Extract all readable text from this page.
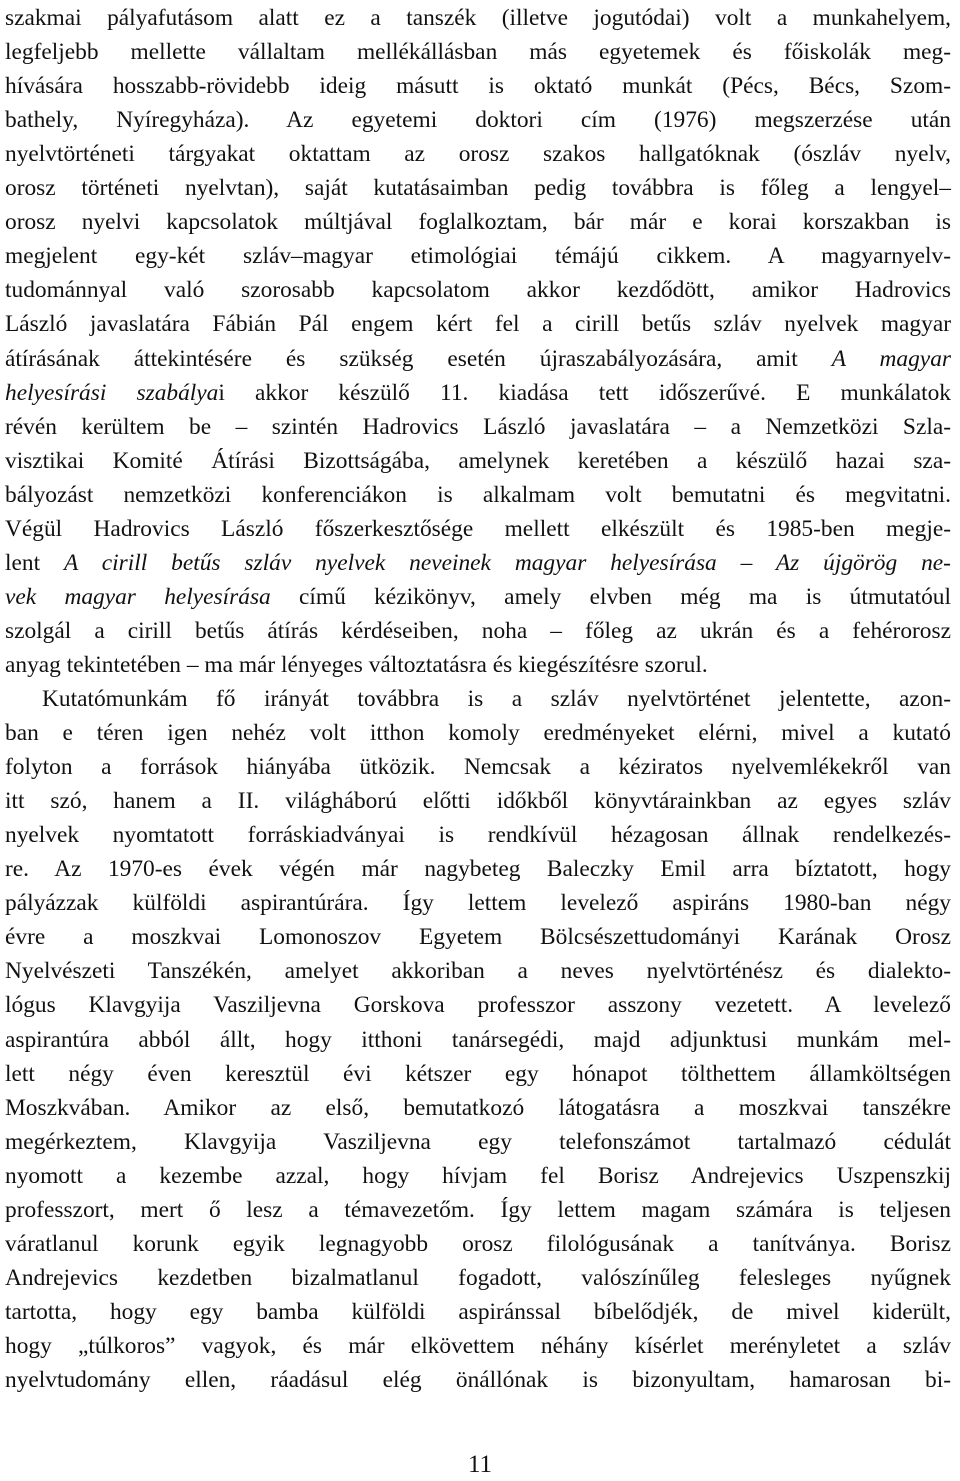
szakmai pályafutásom alatt ez a tanszék (illetve jogutódai) volt a munkahelyem,
legfeljebb mellette vállaltam mellékállásban más egyetemek és főiskolák meg-
hívására hosszabb-rövidebb ideig másutt is oktató munkát (Pécs, Bécs, Szom-
bathely, Nyíregyháza). Az egyetemi doktori cím (1976) megszerzése után
nyelvtörténeti tárgyakat oktattam az orosz szakos hallgatóknak (ószláv nyelv,
orosz történeti nyelvtan), saját kutatásaimban pedig továbbra is főleg a lengyel–
orosz nyelvi kapcsolatok múltjával foglalkoztam, bár már e korai korszakban is
megjelent egy-két szláv–magyar etimológiai témájú cikkem. A magyarnyelv-
tudománnyal való szorosabb kapcsolatom akkor kezdődött, amikor Hadrovics
László javaslatára Fábián Pál engem kért fel a cirill betűs szláv nyelvek magyar
átírásának áttekintésére és szükség esetén újraszabályozására, amit A magyar
helyesírási szabályai akkor készülő 11. kiadása tett időszerűvé. E munkálatok
révén kerültem be – szintén Hadrovics László javaslatára – a Nemzetközi Szla-
visztikai Komité Átírási Bizottságába, amelynek keretében a készülő hazai sza-
bályozást nemzetközi konferenciákon is alkalmam volt bemutatni és megvitatni.
Végül Hadrovics László főszerkesztősége mellett elkészült és 1985-ben megje-
lent A cirill betűs szláv nyelvek neveinek magyar helyesírása – Az újgörög ne-
vek magyar helyesírása című kézikönyv, amely elvben még ma is útmutatóul
szolgál a cirill betűs átírás kérdéseiben, noha – főleg az ukrán és a fehérorosz
anyag tekintetében – ma már lényeges változtatásra és kiegészítésre szorul.
Kutatómunkám fő irányát továbbra is a szláv nyelvtörténet jelentette, azon-
ban e téren igen nehéz volt itthon komoly eredményeket elérni, mivel a kutató
folyton a források hiányába ütközik. Nemcsak a kéziratos nyelvemlékekről van
itt szó, hanem a II. világháború előtti időkből könyvtárainkban az egyes szláv
nyelvek nyomtatott forráskiadványai is rendkívül hézagosan állnak rendelkezés-
re. Az 1970-es évek végén már nagybeteg Baleczky Emil arra bíztatott, hogy
pályázzak külföldi aspirantúrára. Így lettem levelező aspiráns 1980-ban négy
évre a moszkvai Lomonoszov Egyetem Bölcsészettudományi Karának Orosz
Nyelvészeti Tanszékén, amelyet akkoriban a neves nyelvtörténész és dialekto-
lógus Klavgyija Vasziljevna Gorskova professzor asszony vezetett. A levelező
aspirantúra abból állt, hogy itthoni tanársegédi, majd adjunktusi munkám mel-
lett négy éven keresztül évi kétszer egy hónapot tölthettem államköltségen
Moszkvában. Amikor az első, bemutatkozó látogatásra a moszkvai tanszékre
megérkeztem, Klavgyija Vasziljevna egy telefonszámot tartalmazó cédulát
nyomott a kezembe azzal, hogy hívjam fel Borisz Andrejevics Uszpenszkij
professzort, mert ő lesz a témavezetőm. Így lettem magam számára is teljesen
váratlanul korunk egyik legnagyobb orosz filológusának a tanítványa. Borisz
Andrejevics kezdetben bizalmatlanul fogadott, valószínűleg felesleges nyűgnek
tartotta, hogy egy bamba külföldi aspiránssal bíbelődjék, de mivel kiderült,
hogy „túlkoros” vagyok, és már elkövettem néhány kísérlet merényletet a szláv
nyelvtudomány ellen, ráadásul elég önállónak is bizonyultam, hamarosan bi-
11
